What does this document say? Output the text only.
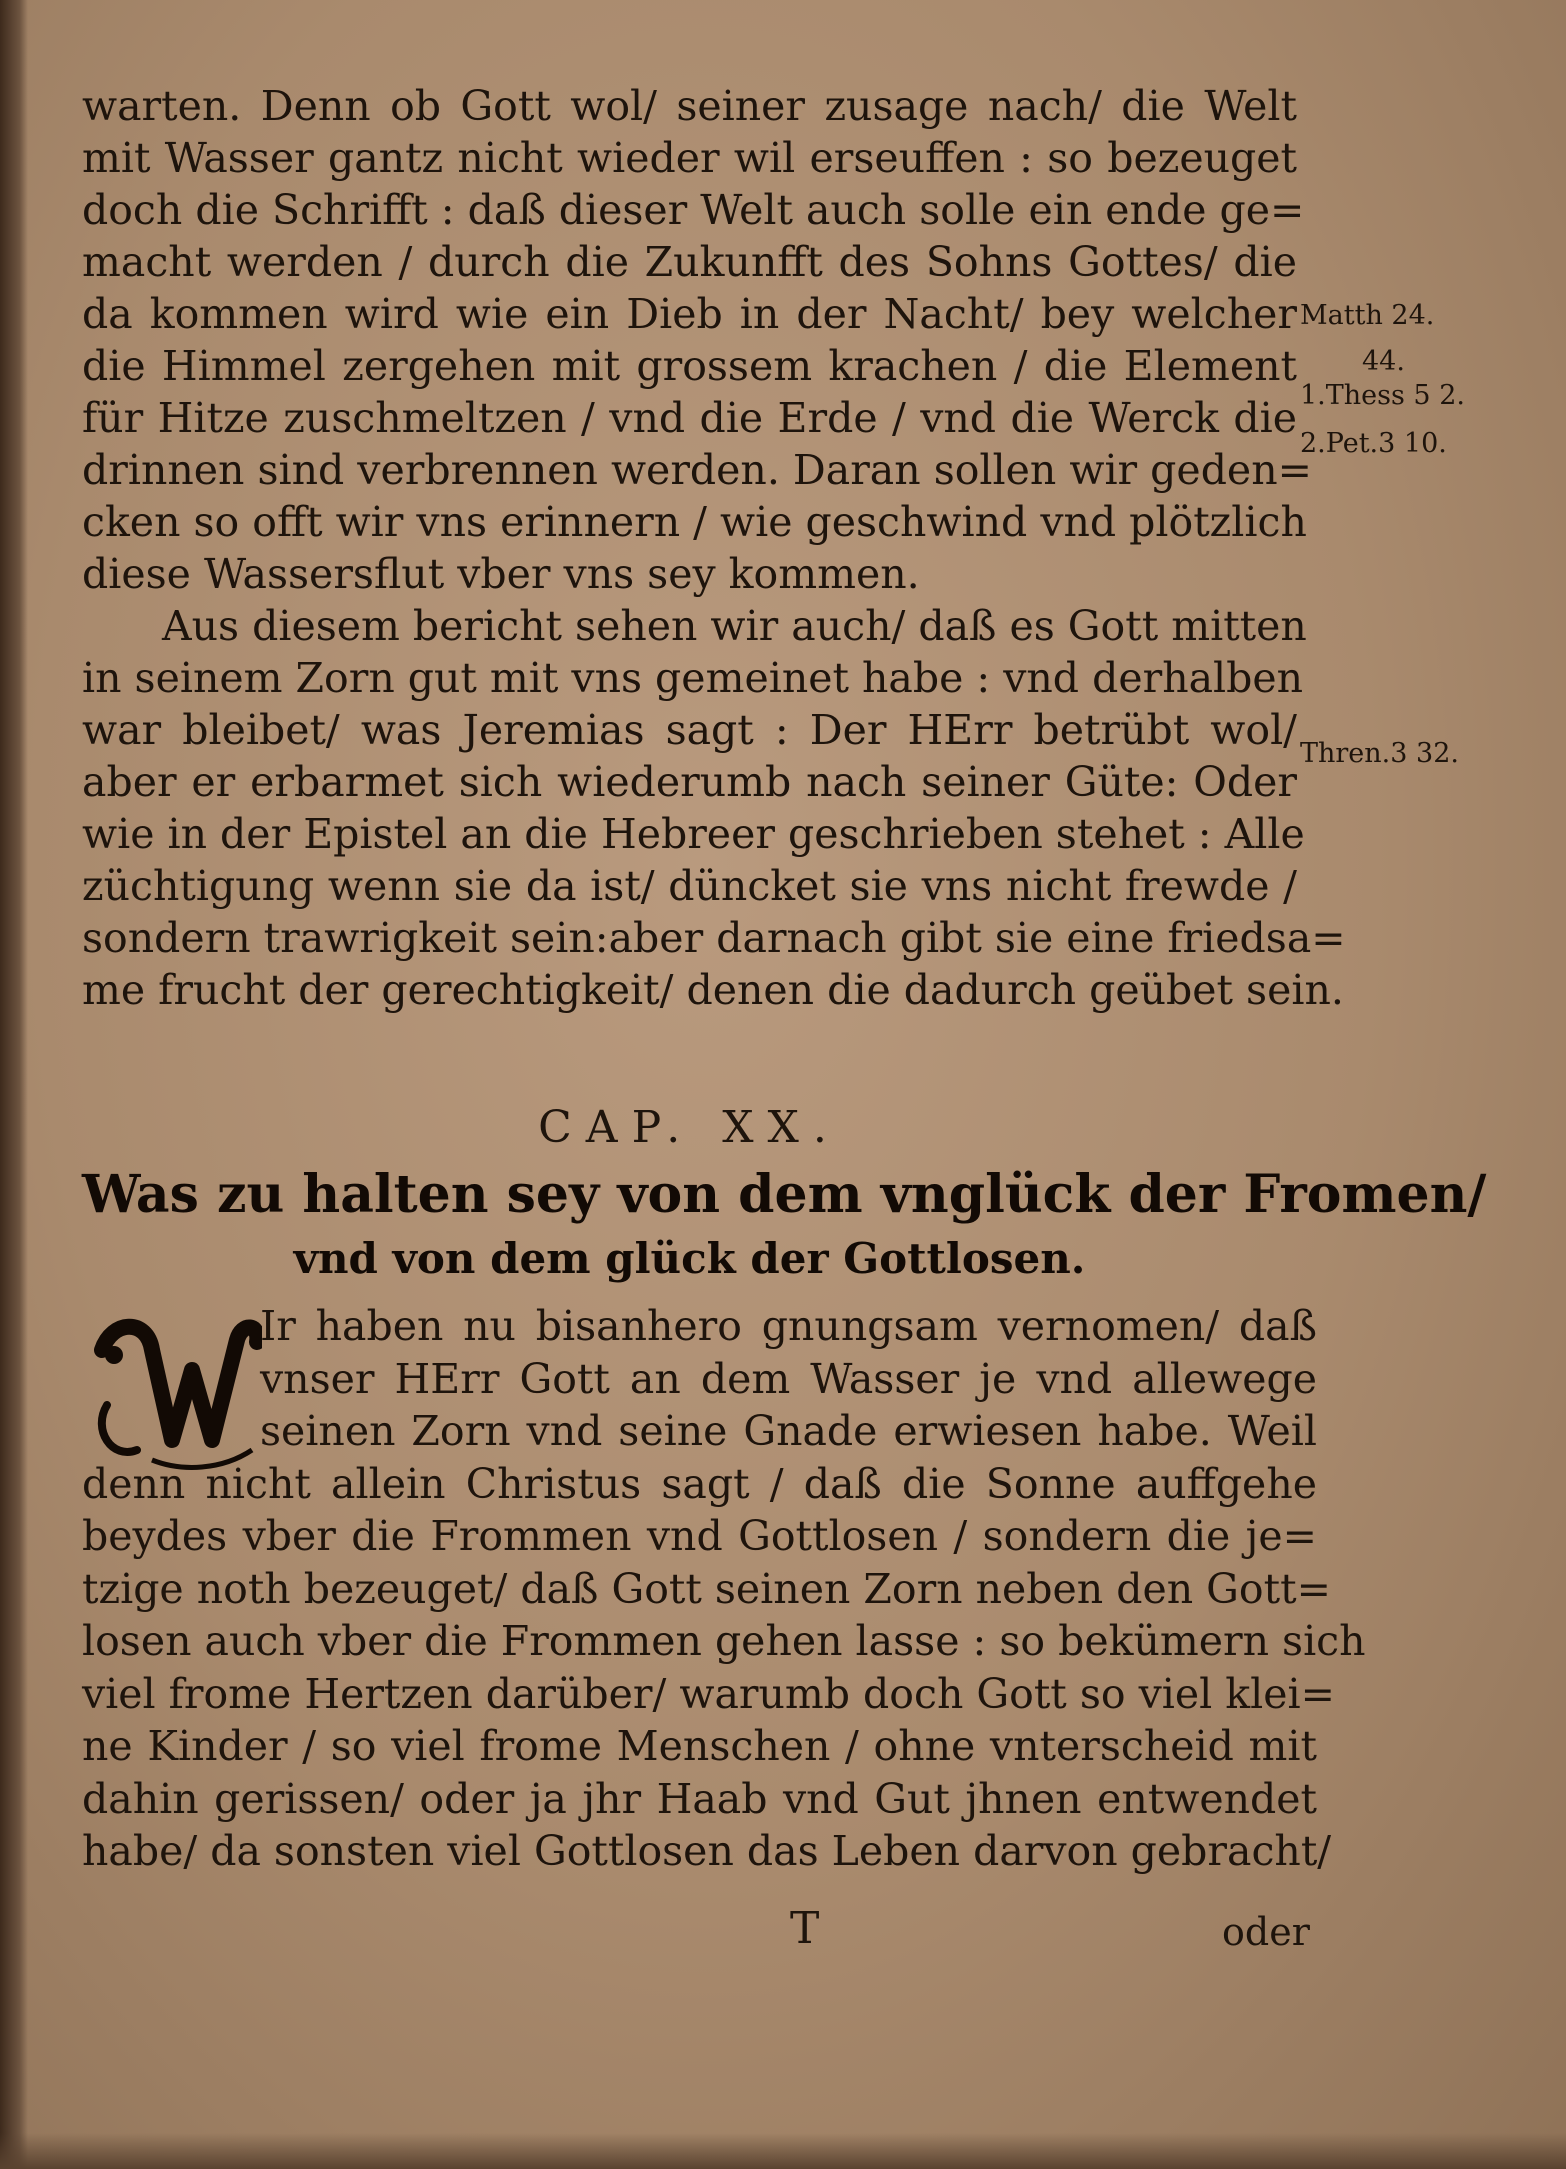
warten. Denn ob Gott wol/ seiner zusage nach/ die Welt
mit Wasser gantz nicht wieder wil erseuffen : so bezeuget
doch die Schrifft : daß dieser Welt auch solle ein ende ge=
macht werden / durch die Zukunfft des Sohns Gottes/ die
da kommen wird wie ein Dieb in der Nacht/ bey welcher
die Himmel zergehen mit grossem krachen / die Element
für Hitze zuschmeltzen / vnd die Erde / vnd die Werck die
drinnen sind verbrennen werden. Daran sollen wir geden=
cken so offt wir vns erinnern / wie geschwind vnd plötzlich
diese Wassersflut vber vns sey kommen.
Aus diesem bericht sehen wir auch/ daß es Gott mitten
in seinem Zorn gut mit vns gemeinet habe : vnd derhalben
war bleibet/ was Jeremias sagt : Der HErr betrübt wol/
aber er erbarmet sich wiederumb nach seiner Güte: Oder
wie in der Epistel an die Hebreer geschrieben stehet : Alle
züchtigung wenn sie da ist/ düncket sie vns nicht frewde /
sondern trawrigkeit sein:aber darnach gibt sie eine friedsa=
me frucht der gerechtigkeit/ denen die dadurch geübet sein.
CAP. XX.
Was zu halten sey von dem vnglück der Fromen/
vnd von dem glück der Gottlosen.
Ir haben nu bisanhero gnungsam vernomen/ daß
vnser HErr Gott an dem Wasser je vnd allewege
seinen Zorn vnd seine Gnade erwiesen habe. Weil
denn nicht allein Christus sagt / daß die Sonne auffgehe
beydes vber die Frommen vnd Gottlosen / sondern die je=
tzige noth bezeuget/ daß Gott seinen Zorn neben den Gott=
losen auch vber die Frommen gehen lasse : so bekümern sich
viel frome Hertzen darüber/ warumb doch Gott so viel klei=
ne Kinder / so viel frome Menschen / ohne vnterscheid mit
dahin gerissen/ oder ja jhr Haab vnd Gut jhnen entwendet
habe/ da sonsten viel Gottlosen das Leben darvon gebracht/
Matth 24.
44.
1.Thess 5 2.
2.Pet.3 10.
Thren.3 32.
T	oder
